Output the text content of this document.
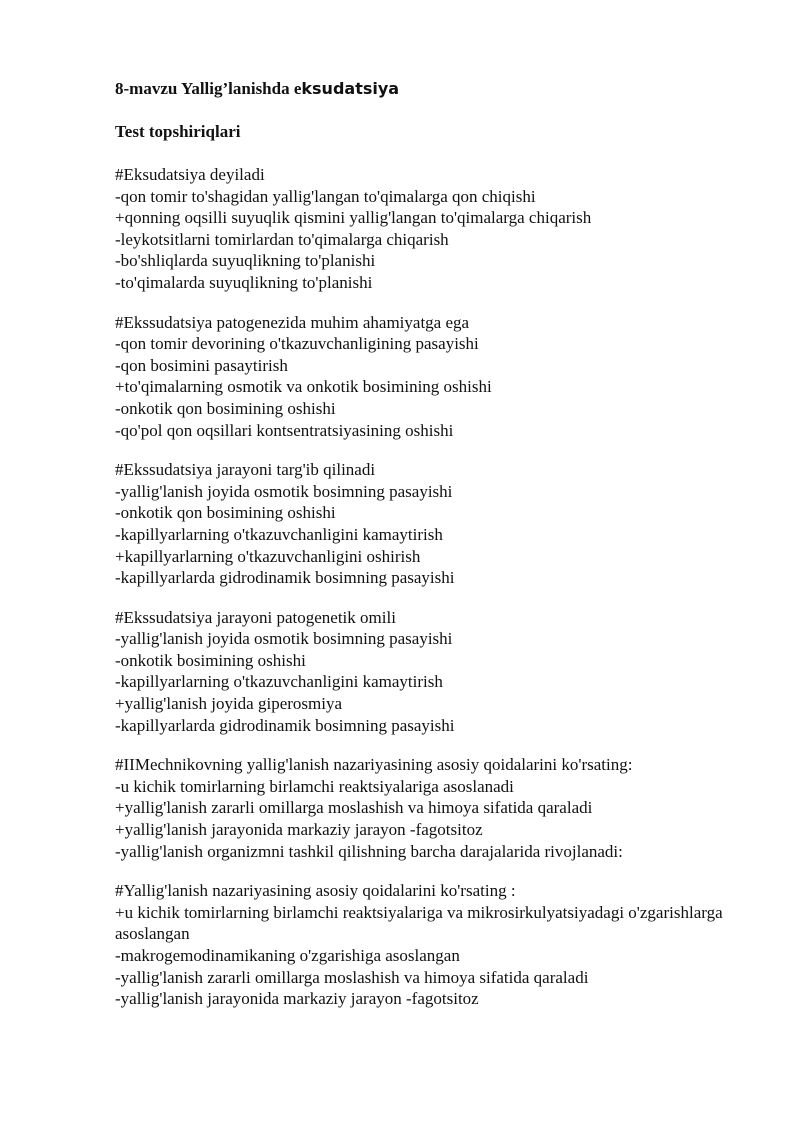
8-mavzu Yallig’lanishda eksudatsiya

Test topshiriqlari

#Eksudatsiya deyiladi
-qon tomir to'shagidan yallig'langan to'qimalarga qon chiqishi
+qonning oqsilli suyuqlik qismini yallig'langan to'qimalarga chiqarish
-leykotsitlarni tomirlardan to'qimalarga chiqarish
-bo'shliqlarda suyuqlikning to'planishi
-to'qimalarda suyuqlikning to'planishi
#Ekssudatsiya patogenezida muhim ahamiyatga ega
-qon tomir devorining o'tkazuvchanligining pasayishi
-qon bosimini pasaytirish
+to'qimalarning osmotik va onkotik bosimining oshishi
-onkotik qon bosimining oshishi
-qo'pol qon oqsillari kontsentratsiyasining oshishi
#Ekssudatsiya jarayoni targ'ib qilinadi
-yallig'lanish joyida osmotik bosimning pasayishi
-onkotik qon bosimining oshishi
-kapillyarlarning o'tkazuvchanligini kamaytirish
+kapillyarlarning o'tkazuvchanligini oshirish
-kapillyarlarda gidrodinamik bosimning pasayishi
#Ekssudatsiya jarayoni patogenetik omili
-yallig'lanish joyida osmotik bosimning pasayishi
-onkotik bosimining oshishi
-kapillyarlarning o'tkazuvchanligini kamaytirish
+yallig'lanish joyida giperosmiya
-kapillyarlarda gidrodinamik bosimning pasayishi
#IIMechnikovning yallig'lanish nazariyasining asosiy qoidalarini ko'rsating:
-u kichik tomirlarning birlamchi reaktsiyalariga asoslanadi
+yallig'lanish zararli omillarga moslashish va himoya sifatida qaraladi
+yallig'lanish jarayonida markaziy jarayon -fagotsitoz
-yallig'lanish organizmni tashkil qilishning barcha darajalarida rivojlanadi:
#Yallig'lanish nazariyasining asosiy qoidalarini ko'rsating :
+u kichik tomirlarning birlamchi reaktsiyalariga va mikrosirkulyatsiyadagi o'zgarishlarga asoslangan
-makrogemodinamikaning o'zgarishiga asoslangan
-yallig'lanish zararli omillarga moslashish va himoya sifatida qaraladi
-yallig'lanish jarayonida markaziy jarayon -fagotsitoz
